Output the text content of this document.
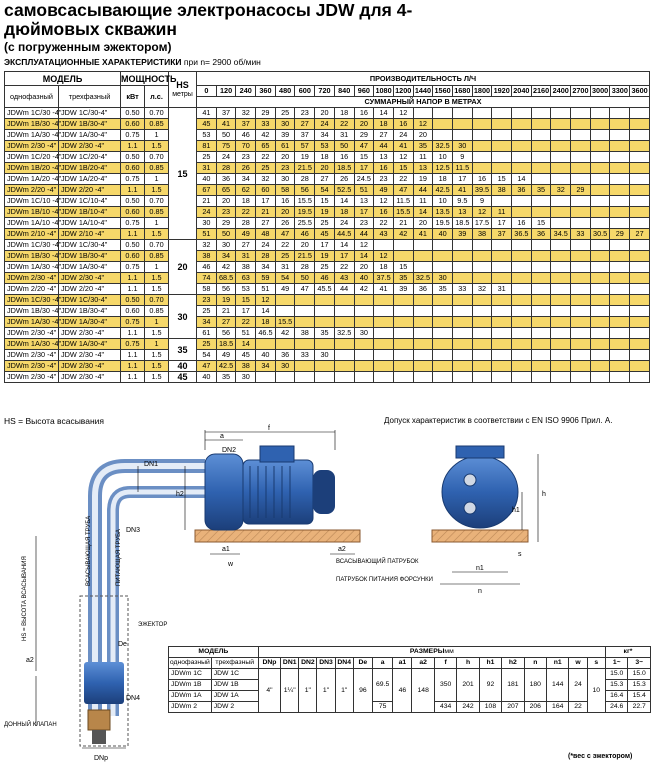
самовсасывающие электронасосы JDW для 4-дюймовых скважин
(с погруженным эжектором)
ЭКСПЛУАТАЦИОННЫЕ ХАРАКТЕРИСТИКИ при n= 2900 об/мин
МОДЕЛЬ		МОЩНОСТЬ		HS
метры	ПРОИЗВОДИТЕЛЬНОСТЬ Л/Ч																						
однофазный	трехфазный	кВт	л.с.		0	120	240	360	480	600	720	840	960	1080	1200	1440	1560	1680	1800	1920	2040	2160	2400	2700	3000	3300	3600
					СУММАРНЫЙ НАПОР В МЕТРАХ																						
JDWm 1C/30 -4"	JDW 1C/30-4"	0.50	0.70	15	41	37	32	29	25	23	20	18	16	14	12												
JDWm 1B/30 -4"	JDW 1B/30-4"	0.60	0.85		45	41	37	33	30	27	24	22	20	18	16	12											
JDWm 1A/30 -4"	JDW 1A/30-4"	0.75	1		53	50	46	42	39	37	34	31	29	27	24	20											
JDWm 2/30 -4"	JDW 2/30 -4"	1.1	1.5		81	75	70	65	61	57	53	50	47	44	41	35	32.5	30									
JDWm 1C/20 -4"	JDW 1C/20-4"	0.50	0.70		25	24	23	22	20	19	18	16	15	13	12	11	10	9									
JDWm 1B/20 -4"	JDW 1B/20-4"	0.60	0.85		31	28	26	25	23	21.5	20	18.5	17	16	15	13	12.5	11.5									
JDWm 1A/20 -4"	JDW 1A/20-4"	0.75	1		40	36	34	32	30	28	27	26	24.5	23	22	19	18	17	16	15	14						
JDWm 2/20 -4"	JDW 2/20 -4"	1.1	1.5		67	65	62	60	58	56	54	52.5	51	49	47	44	42.5	41	39.5	38	36	35	32	29			
JDWm 1C/10 -4"	JDW 1C/10-4"	0.50	0.70		21	20	18	17	16	15.5	15	14	13	12	11.5	11	10	9.5	9								
JDWm 1B/10 -4"	JDW 1B/10-4"	0.60	0.85		24	23	22	21	20	19.5	19	18	17	16	15.5	14	13.5	13	12	11							
JDWm 1A/10 -4"	JDW 1A/10-4"	0.75	1		30	29	28	27	26	25.5	25	24	23	22	21	20	19.5	18.5	17.5	17	16	15					
JDWm 2/10 -4"	JDW 2/10 -4"	1.1	1.5		51	50	49	48	47	46	45	44.5	44	43	42	41	40	39	38	37	36.5	36	34.5	33	30.5	29	27
JDWm 1C/30 -4"	JDW 1C/30-4"	0.50	0.70	20	32	30	27	24	22	20	17	14	12														
JDWm 1B/30 -4"	JDW 1B/30-4"	0.60	0.85		38	34	31	28	25	21.5	19	17	14	12													
JDWm 1A/30 -4"	JDW 1A/30-4"	0.75	1		46	42	38	34	31	28	25	22	20	18	15												
JDWm 2/30 -4"	JDW 2/30 -4"	1.1	1.5		74	68.5	63	59	54	50	46	43	40	37.5	35	32.5	30										
JDWm 2/20 -4"	JDW 2/20 -4"	1.1	1.5		58	56	53	51	49	47	45.5	44	42	41	39	36	35	33	32	31							
JDWm 1C/30 -4"	JDW 1C/30-4"	0.50	0.70	30	23	19	15	12																			
JDWm 1B/30 -4"	JDW 1B/30-4"	0.60	0.85		25	21	17	14																			
JDWm 1A/30 -4"	JDW 1A/30-4"	0.75	1		34	27	22	18	15.5																		
JDWm 2/30 -4"	JDW 2/30 -4"	1.1	1.5		61	56	51	46.5	42	38	35	32.5	30														
JDWm 1A/30 -4"	JDW 1A/30-4"	0.75	1	35	25	18.5	14																				
JDWm 2/30 -4"	JDW 2/30 -4"	1.1	1.5		54	49	45	40	36	33	30																
JDWm 2/30 -4"	JDW 2/30 -4"	1.1	1.5	40	47	42.5	38	34	30																		
JDWm 2/30 -4"	JDW 2/30 -4"	1.1	1.5	45	40	35	30																				
HS = Высота всасывания	Допуск характеристик в соответствии с EN ISO 9906 Прил. A.
f
a
DN2
DN1
h2
DN3
a1	a2
w
s
h
h1
n1
n
De
DN4
DNp
a2
HS = ВЫСОТА ВСАСЫВАНИЯ
ВСАСЫВАЮЩАЯ ТРУБА	ПИТАЮЩАЯ ТРУБА	ВСАСЫВАЮЩИЙ ПАТРУБОК
ПАТРУБОК ПИТАНИЯ ФОРСУНКИ
ЭЖЕКТОР
ДОННЫЙ КЛАПАН
МОДЕЛЬ		РАЗМЕРЫмм																	кг*	
однофазный	трехфазный	DNp	DN1	DN2	DN3	DN4	De	a	a1	a2	f	h	h1	h2	n	n1	w	s	1~	3~
JDWm 1C	JDW 1C	4"	1¼"	1"	1"	1"	96	69.5	46	148	350	201	92	181	180	144	24	10	15.0	15.0
JDWm 1B	JDW 1B																		15.3	15.3
JDWm 1A	JDW 1A																		16.4	15.4
JDWm 2	JDW 2							75			434	242	108	207	206	164	22		24.6	22.7
(*вес с эжектором)
